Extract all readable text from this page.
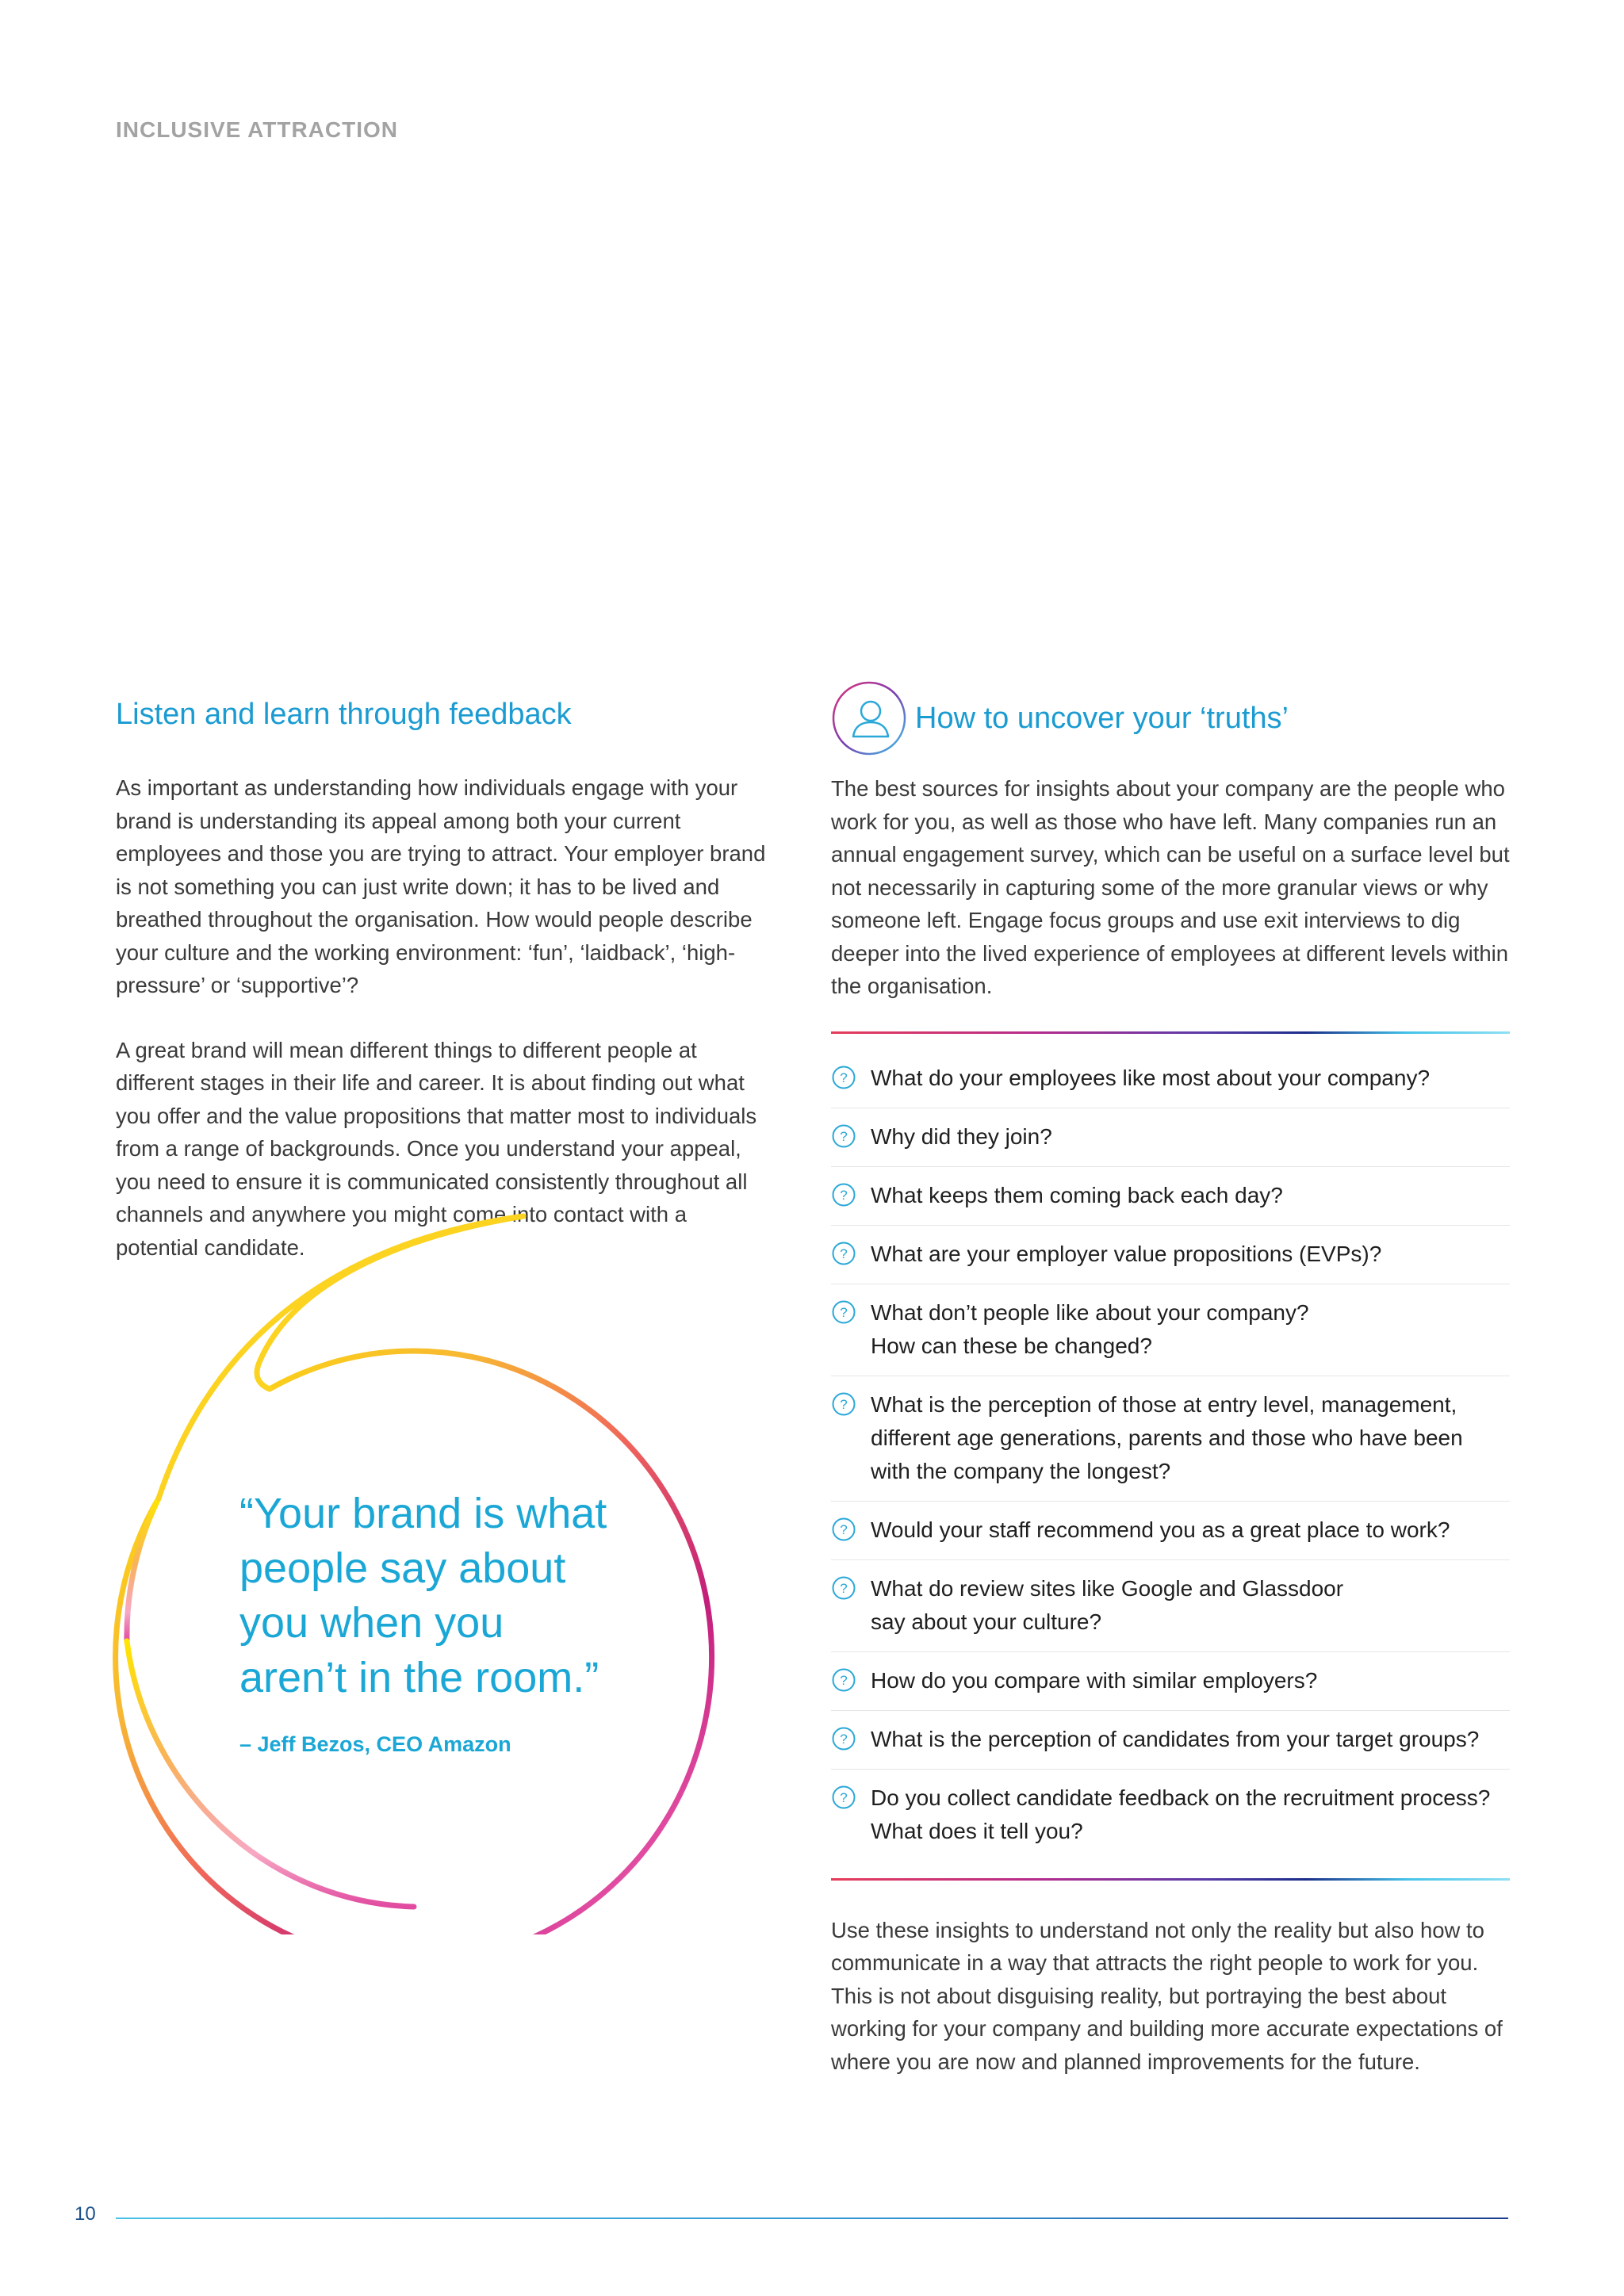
INCLUSIVE ATTRACTION
Listen and learn through feedback

As important as understanding how individuals engage with your brand is understanding its appeal among both your current employees and those you are trying to attract. Your employer brand is not something you can just write down; it has to be lived and breathed throughout the organisation. How would people describe your culture and the working environment: ‘fun’, ‘laidback’, ‘high-pressure’ or ‘supportive’?

A great brand will mean different things to different people at different stages in their life and career. It is about finding out what you offer and the value propositions that matter most to individuals from a range of backgrounds. Once you understand your appeal, you need to ensure it is communicated consistently throughout all channels and anywhere you might come into contact with a potential candidate.

“Your brand is what people say about you when you aren’t in the room.”
– Jeff Bezos, CEO Amazon
How to uncover your ‘truths’

The best sources for insights about your company are the people who work for you, as well as those who have left. Many companies run an annual engagement survey, which can be useful on a surface level but not necessarily in capturing some of the more granular views or why someone left. Engage focus groups and use exit interviews to dig deeper into the lived experience of employees at different levels within the organisation.

? What do your employees like most about your company?
? Why did they join?
? What keeps them coming back each day?
? What are your employer value propositions (EVPs)?
? What don’t people like about your company?
How can these be changed?
? What is the perception of those at entry level, management,
different age generations, parents and those who have been
with the company the longest?
? Would your staff recommend you as a great place to work?
? What do review sites like Google and Glassdoor
say about your culture?
? How do you compare with similar employers?
? What is the perception of candidates from your target groups?
? Do you collect candidate feedback on the recruitment process?
What does it tell you?

Use these insights to understand not only the reality but also how to communicate in a way that attracts the right people to work for you. This is not about disguising reality, but portraying the best about working for your company and building more accurate expectations of where you are now and planned improvements for the future.

10
